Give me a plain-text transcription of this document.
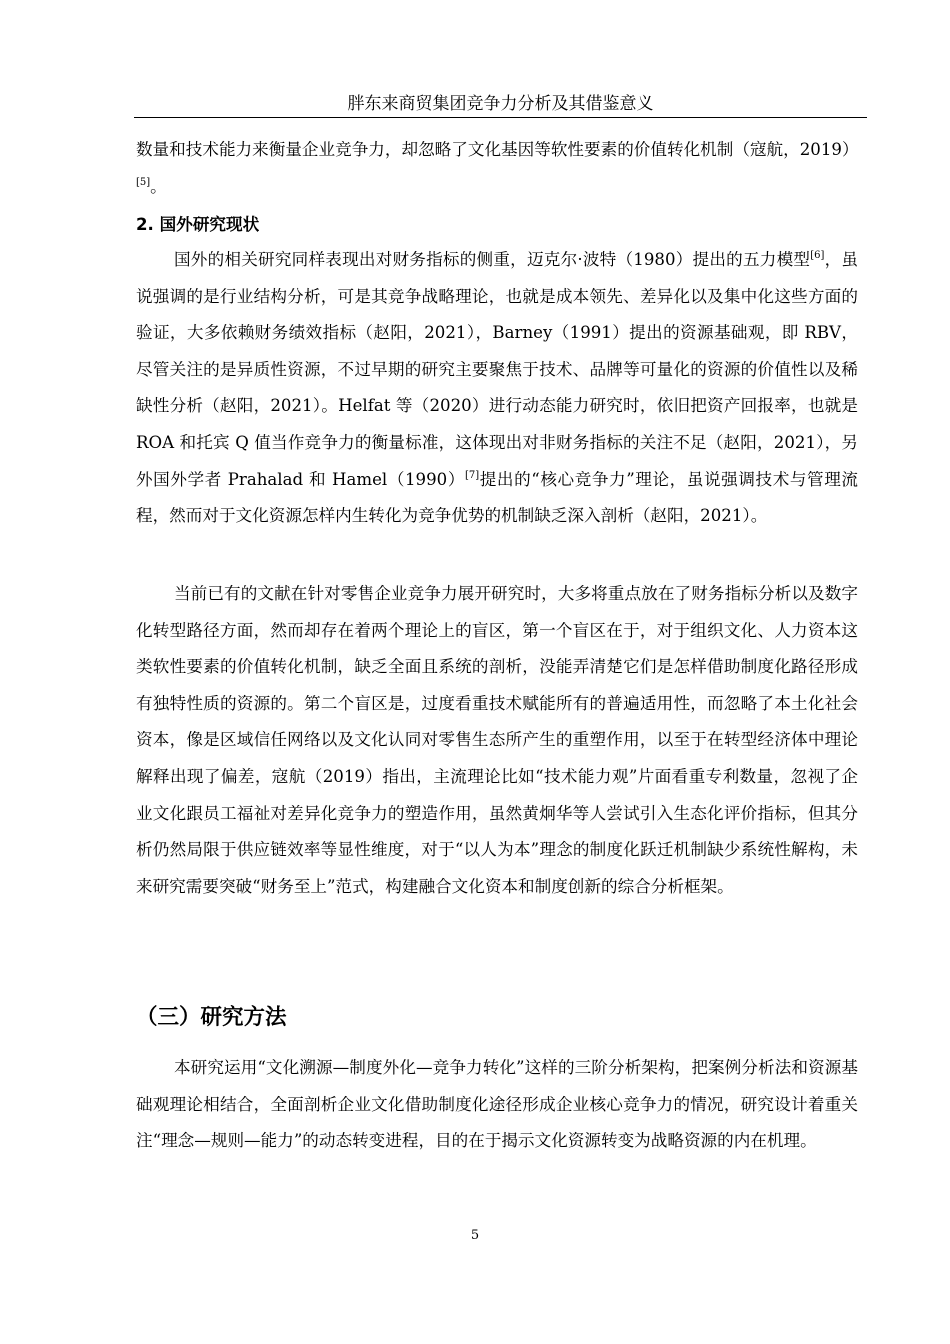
胖东来商贸集团竞争力分析及其借鉴意义

数量和技术能力来衡量企业竞争力，却忽略了文化基因等软性要素的价值转化机制（寇航，2019）[5]。

2. 国外研究现状

国外的相关研究同样表现出对财务指标的侧重，迈克尔·波特（1980）提出的五力模型[6]，虽说强调的是行业结构分析，可是其竞争战略理论，也就是成本领先、差异化以及集中化这些方面的验证，大多依赖财务绩效指标（赵阳，2021），Barney（1991）提出的资源基础观，即 RBV，尽管关注的是异质性资源，不过早期的研究主要聚焦于技术、品牌等可量化的资源的价值性以及稀缺性分析（赵阳，2021）。Helfat 等（2020）进行动态能力研究时，依旧把资产回报率，也就是 ROA 和托宾 Q 值当作竞争力的衡量标准，这体现出对非财务指标的关注不足（赵阳，2021），另外国外学者 Prahalad 和 Hamel（1990）[7]提出的“核心竞争力”理论，虽说强调技术与管理流程，然而对于文化资源怎样内生转化为竞争优势的机制缺乏深入剖析（赵阳，2021）。

当前已有的文献在针对零售企业竞争力展开研究时，大多将重点放在了财务指标分析以及数字化转型路径方面，然而却存在着两个理论上的盲区，第一个盲区在于，对于组织文化、人力资本这类软性要素的价值转化机制，缺乏全面且系统的剖析，没能弄清楚它们是怎样借助制度化路径形成有独特性质的资源的。第二个盲区是，过度看重技术赋能所有的普遍适用性，而忽略了本土化社会资本，像是区域信任网络以及文化认同对零售生态所产生的重塑作用，以至于在转型经济体中理论解释出现了偏差，寇航（2019）指出，主流理论比如“技术能力观”片面看重专利数量，忽视了企业文化跟员工福祉对差异化竞争力的塑造作用，虽然黄炯华等人尝试引入生态化评价指标，但其分析仍然局限于供应链效率等显性维度，对于“以人为本”理念的制度化跃迁机制缺少系统性解构，未来研究需要突破“财务至上”范式，构建融合文化资本和制度创新的综合分析框架。

（三）研究方法

本研究运用“文化溯源—制度外化—竞争力转化”这样的三阶分析架构，把案例分析法和资源基础观理论相结合，全面剖析企业文化借助制度化途径形成企业核心竞争力的情况，研究设计着重关注“理念—规则—能力”的动态转变进程，目的在于揭示文化资源转变为战略资源的内在机理。

5
